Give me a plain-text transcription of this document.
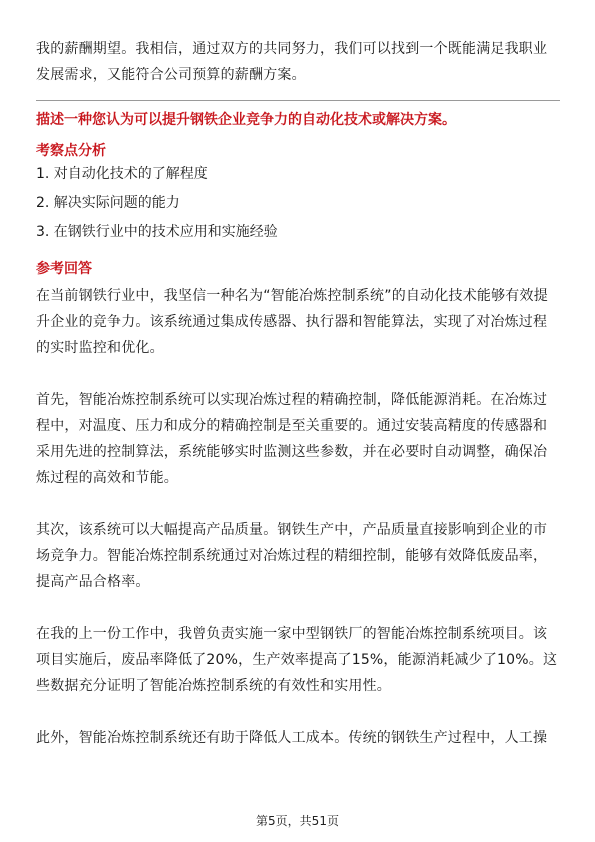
我的薪酬期望。我相信，通过双方的共同努力，我们可以找到一个既能满足我职业发展需求，又能符合公司预算的薪酬方案。

描述一种您认为可以提升钢铁企业竞争力的自动化技术或解决方案。

考察点分析

1. 对自动化技术的了解程度
2. 解决实际问题的能力
3. 在钢铁行业中的技术应用和实施经验

参考回答

在当前钢铁行业中，我坚信一种名为“智能冶炼控制系统”的自动化技术能够有效提升企业的竞争力。该系统通过集成传感器、执行器和智能算法，实现了对冶炼过程的实时监控和优化。

首先，智能冶炼控制系统可以实现冶炼过程的精确控制，降低能源消耗。在冶炼过程中，对温度、压力和成分的精确控制是至关重要的。通过安装高精度的传感器和采用先进的控制算法，系统能够实时监测这些参数，并在必要时自动调整，确保冶炼过程的高效和节能。

其次，该系统可以大幅提高产品质量。钢铁生产中，产品质量直接影响到企业的市场竞争力。智能冶炼控制系统通过对冶炼过程的精细控制，能够有效降低废品率，提高产品合格率。

在我的上一份工作中，我曾负责实施一家中型钢铁厂的智能冶炼控制系统项目。该项目实施后，废品率降低了20%，生产效率提高了15%，能源消耗减少了10%。这些数据充分证明了智能冶炼控制系统的有效性和实用性。

此外，智能冶炼控制系统还有助于降低人工成本。传统的钢铁生产过程中，人工操

第5页，共51页
